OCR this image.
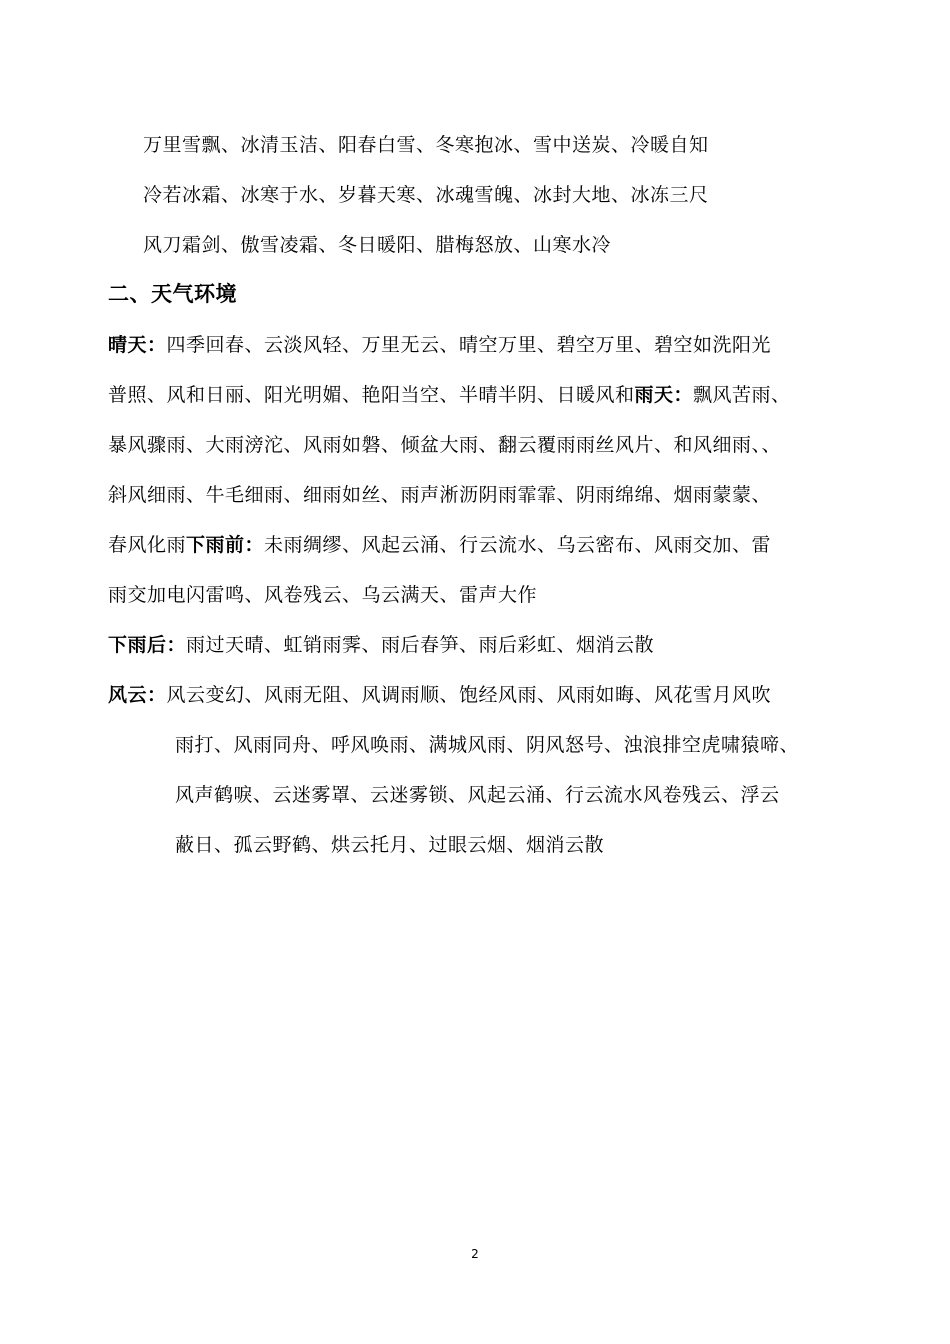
万里雪飘、冰清玉洁、阳春白雪、冬寒抱冰、雪中送炭、冷暖自知
冷若冰霜、冰寒于水、岁暮天寒、冰魂雪魄、冰封大地、冰冻三尺
风刀霜剑、傲雪凌霜、冬日暖阳、腊梅怒放、山寒水冷
二、天气环境
晴天：四季回春、云淡风轻、万里无云、晴空万里、碧空万里、碧空如洗阳光
普照、风和日丽、阳光明媚、艳阳当空、半晴半阴、日暖风和雨天：飘风苦雨、
暴风骤雨、大雨滂沱、风雨如磐、倾盆大雨、翻云覆雨雨丝风片、和风细雨、、
斜风细雨、牛毛细雨、细雨如丝、雨声淅沥阴雨霏霏、阴雨绵绵、烟雨蒙蒙、
春风化雨下雨前：未雨绸缪、风起云涌、行云流水、乌云密布、风雨交加、雷
雨交加电闪雷鸣、风卷残云、乌云满天、雷声大作
下雨后：雨过天晴、虹销雨霁、雨后春笋、雨后彩虹、烟消云散
风云：风云变幻、风雨无阻、风调雨顺、饱经风雨、风雨如晦、风花雪月风吹
雨打、风雨同舟、呼风唤雨、满城风雨、阴风怒号、浊浪排空虎啸猿啼、
风声鹤唳、云迷雾罩、云迷雾锁、风起云涌、行云流水风卷残云、浮云
蔽日、孤云野鹤、烘云托月、过眼云烟、烟消云散
2
